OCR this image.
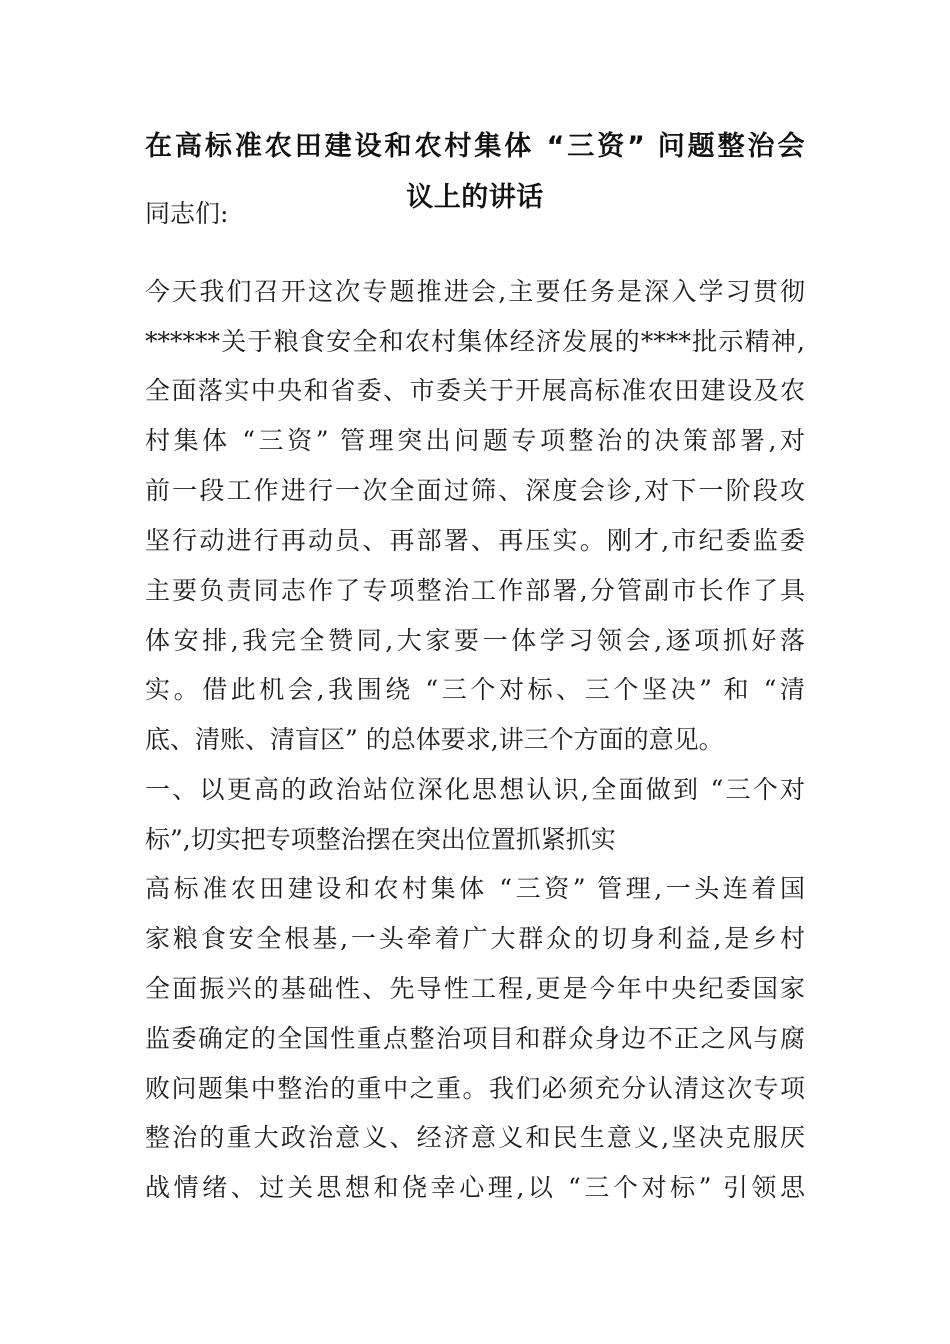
在高标准农田建设和农村集体 “三资” 问题整治会
议上的讲话
同志们:
今天我们召开这次专题推进会,主要任务是深入学习贯彻
******关于粮食安全和农村集体经济发展的****批示精神,
全面落实中央和省委、市委关于开展高标准农田建设及农
村集体 “三资” 管理突出问题专项整治的决策部署,对
前一段工作进行一次全面过筛、深度会诊,对下一阶段攻
坚行动进行再动员、再部署、再压实。刚才,市纪委监委
主要负责同志作了专项整治工作部署,分管副市长作了具
体安排,我完全赞同,大家要一体学习领会,逐项抓好落
实。借此机会,我围绕 “三个对标、三个坚决” 和 “清
底、清账、清盲区” 的总体要求,讲三个方面的意见。
一、以更高的政治站位深化思想认识,全面做到 “三个对
标”,切实把专项整治摆在突出位置抓紧抓实
高标准农田建设和农村集体 “三资” 管理,一头连着国
家粮食安全根基,一头牵着广大群众的切身利益,是乡村
全面振兴的基础性、先导性工程,更是今年中央纪委国家
监委确定的全国性重点整治项目和群众身边不正之风与腐
败问题集中整治的重中之重。我们必须充分认清这次专项
整治的重大政治意义、经济意义和民生意义,坚决克服厌
战情绪、过关思想和侥幸心理,以 “三个对标” 引领思
